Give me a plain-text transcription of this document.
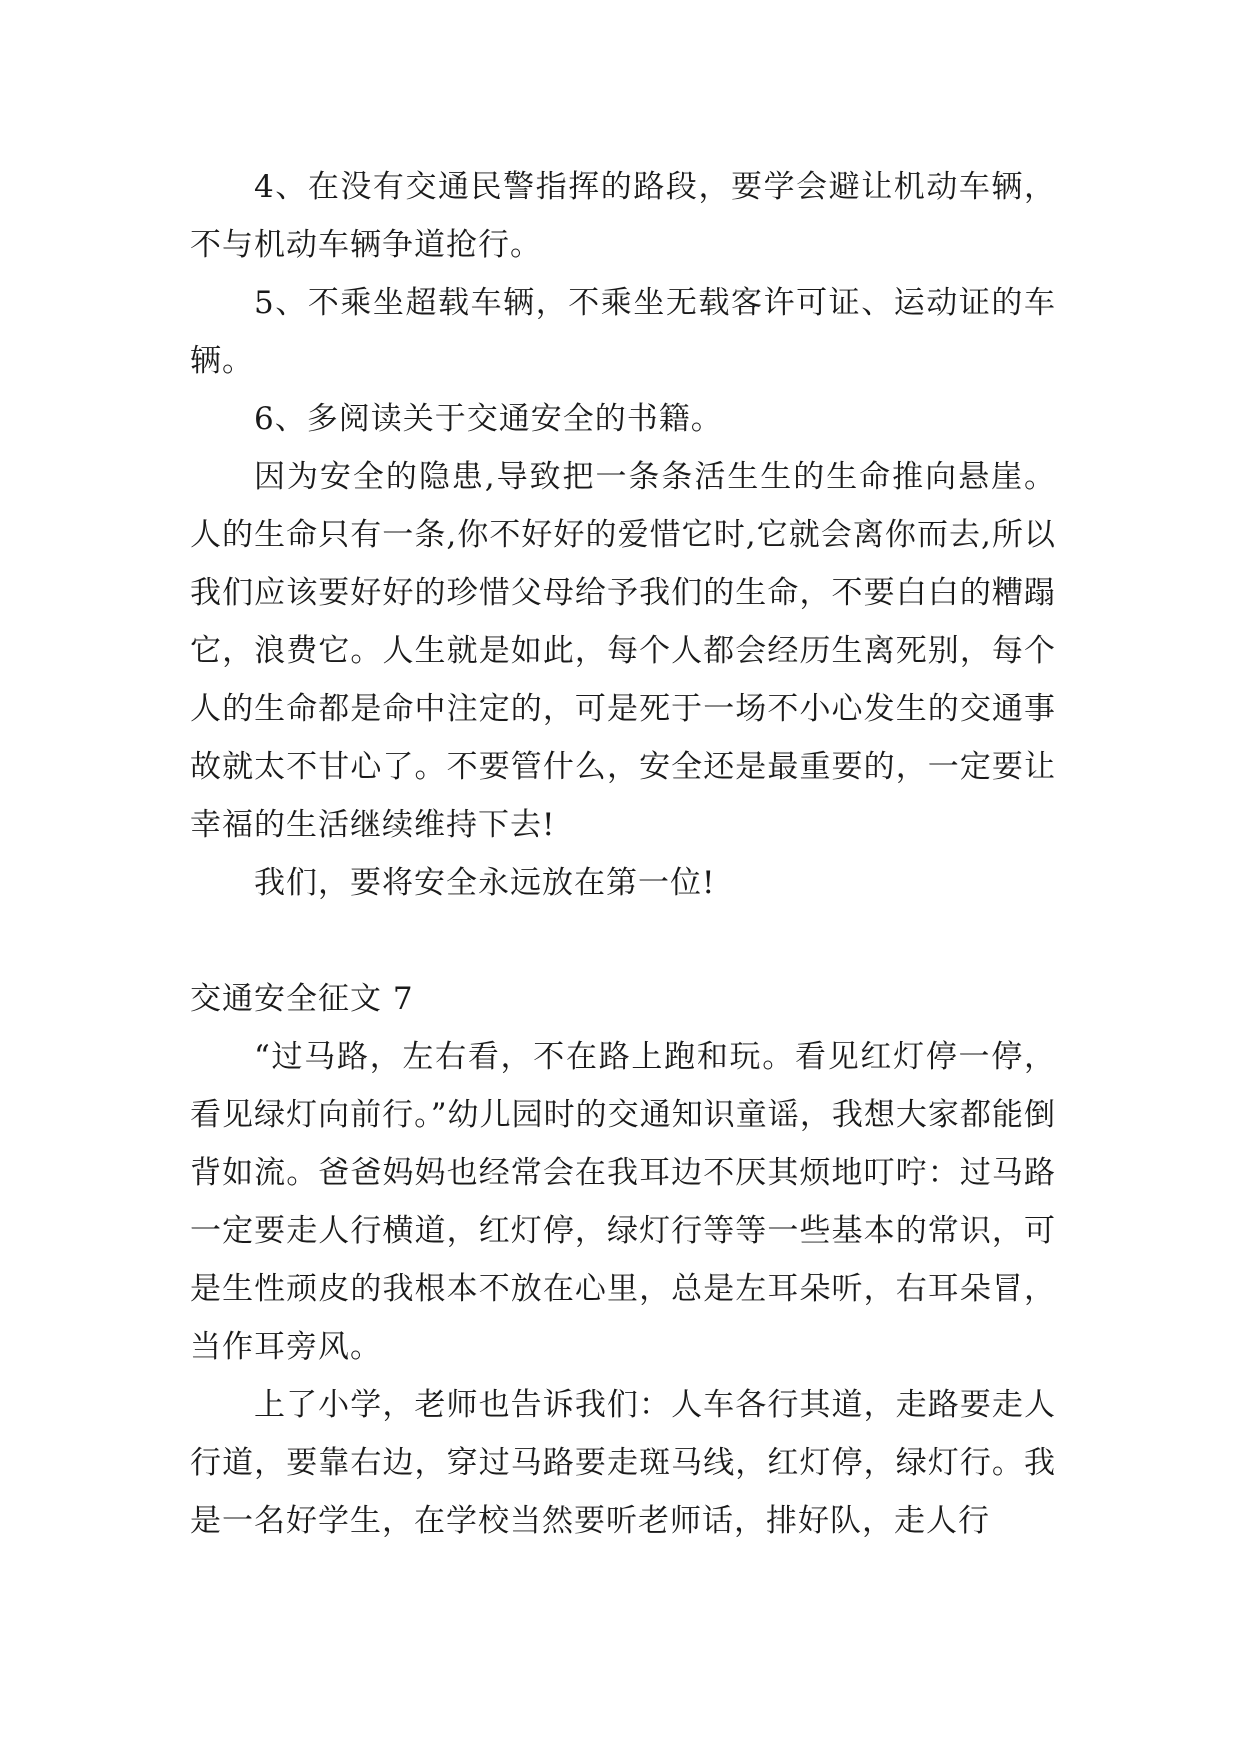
4、在没有交通民警指挥的路段，要学会避让机动车辆，不与机动车辆争道抢行。

5、不乘坐超载车辆，不乘坐无载客许可证、运动证的车辆。

6、多阅读关于交通安全的书籍。

因为安全的隐患,导致把一条条活生生的生命推向悬崖。人的生命只有一条,你不好好的爱惜它时,它就会离你而去,所以我们应该要好好的珍惜父母给予我们的生命，不要白白的糟蹋它，浪费它。人生就是如此，每个人都会经历生离死别，每个人的生命都是命中注定的，可是死于一场不小心发生的交通事故就太不甘心了。不要管什么，安全还是最重要的，一定要让幸福的生活继续维持下去!

我们，要将安全永远放在第一位!

交通安全征文 7

“过马路，左右看，不在路上跑和玩。看见红灯停一停，看见绿灯向前行。”幼儿园时的交通知识童谣，我想大家都能倒背如流。爸爸妈妈也经常会在我耳边不厌其烦地叮咛：过马路一定要走人行横道，红灯停，绿灯行等等一些基本的常识，可是生性顽皮的我根本不放在心里，总是左耳朵听，右耳朵冒，当作耳旁风。

上了小学，老师也告诉我们：人车各行其道，走路要走人行道，要靠右边，穿过马路要走斑马线，红灯停，绿灯行。我是一名好学生，在学校当然要听老师话，排好队，走人行
